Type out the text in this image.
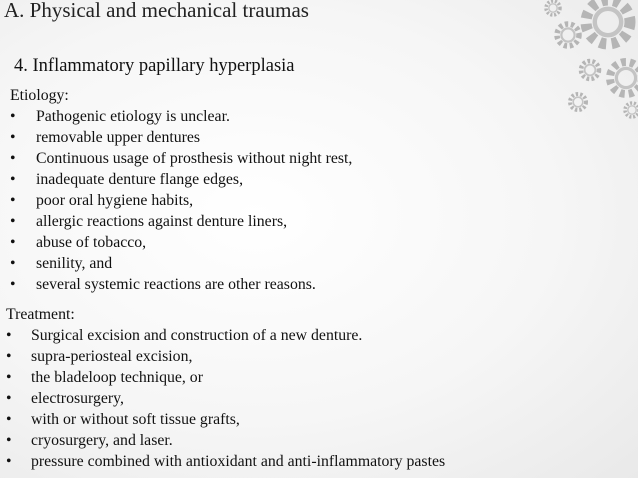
A. Physical and mechanical traumas
4. Inflammatory papillary hyperplasia
Etiology:
• Pathogenic etiology is unclear.
• removable upper dentures
• Continuous usage of prosthesis without night rest,
• inadequate denture flange edges,
• poor oral hygiene habits,
• allergic reactions against denture liners,
• abuse of tobacco,
• senility, and
• several systemic reactions are other reasons.
Treatment:
• Surgical excision and construction of a new denture.
• supra-periosteal excision,
• the bladeloop technique, or
• electrosurgery,
• with or without soft tissue grafts,
• cryosurgery, and laser.
• pressure combined with antioxidant and anti-inflammatory pastes
